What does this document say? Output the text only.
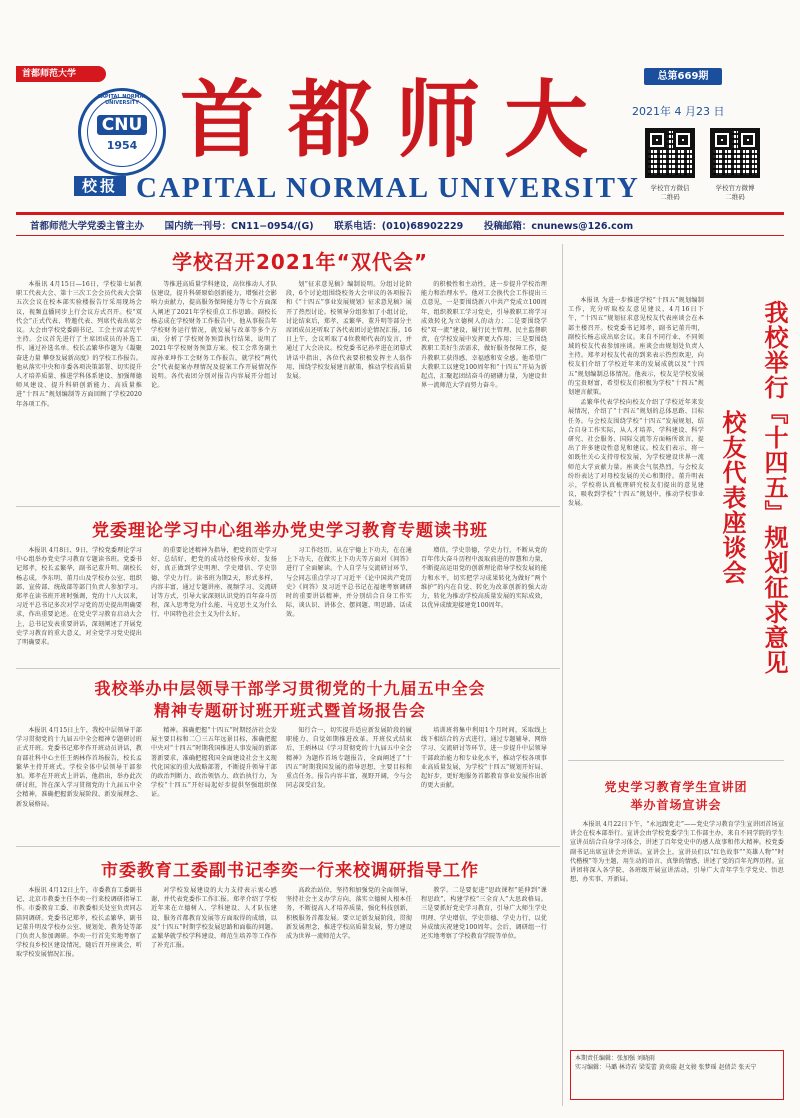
首都师范大学
CAPITAL NORMAL UNIVERSITY
CNU
1954
校报
首都师大	总第669期
2021年 4 月23 日
学校官方微信
二维码
学校官方微博
二维码
CAPITAL NORMAL UNIVERSITY
首都师范大学党委主管主办 国内统一刊号：CN11−0954/(G) 联系电话：(010)68902229 投稿邮箱：cnunews@126.com
学校召开2021年“双代会”

本报讯 4月15日—16日，学校第七届教职工代表大会、第十三次工会会员代表大会第五次会议在校本部实验楼报告厅采用现场会议，视频直播同步上行会议方式召开。校“双代会”正式代表、特邀代表、列席代表出席会议。大会由学校党委副书记、工会主席孟宪平主持。会议首先进行了主席团成员的补选工作，通过补选名单。校长孟繁华作题为《凝聚奋进力量 攀登发展新高度》的学校工作报告。他从落实中央和市委各项决策部署、切实提升人才培养质量、推进学科体系建设、加强师德师风建设、提升科研创新能力、高质量推进“十四五”规划编制等方面回顾了学校2020年各项工作。

等推进高质量学科建设，高位推动人才队伍建设，提升科研原始创新能力，增强社会影响力贡献力，提高服务保障能力等七个方面深入阐述了2021年学校重点工作思路。副校长杨志成在学校财务工作报告中，他从事报告年学校财务运行情况，就发展与改革等多个方面，分析了学校财务预算执行结果，说明了2021年学校财务预算方案。校工会常务副主席孙亚坤作工会财务工作报告，就学校“两代会”代表提案办理情况及提案工作开展情况作说明。各代表团分别对报告内容展开分组讨论。

划”征求意见稿》编制说明。分组讨论阶段，6个讨论组围绕校务大会审议的各项报告和《“十四五”事业发展规划》征求意见稿》展开了热烈讨论。校领导分组参加了小组讨论，讨论结束后，郑孝、孟繁华、董升明等部分主席团成员还听取了各代表团讨论情况汇报。16日上午，会议听取了4位教师代表的发言，并通过了大会决议。校党委书记孙孝进在闭幕式讲话中指出，各位代表要积极发挥主人翁作用，围绕学校发展建言献策，推动学校高质量发展。

的积极性和主动性，进一步提升学校治理能力和治理水平。他对工会换代会工作提出三点意见，一是要围绕新八中共产党成立100周年，组织教职工学习党史，引导教职工将学习成效转化为立德树人的动力；二是要围绕学校“双一流”建设，履行民主管理、民主监督职责，在学校发展中发挥更大作用；三是要围绕教职工美好生活需求，做好服务保障工作，提升教职工获得感、幸福感和安全感。他希望广大教职工以建党100周年和“十四五”开局为新起点，汇聚起团结奋斗的磅礴力量，为建设世界一流师范大学而努力奋斗。

党委理论学习中心组举办党史学习教育专题读书班

本报讯 4月8日、9日，学校党委理论学习中心组举办党史学习教育专题读书班。党委书记郑孝，校长孟繁华，副书记董升明、副校长杨志成，李东明、董月山及学校办公室、组织部、宣传部、统战部等部门负责人参加学习。郑孝在读书班开班时强调，党的十八大以来，习近平总书记多次对学习党的历史提出明确要求，作出重要论述。在党史学习教育启动大会上，总书记发表重要讲话，深刻阐述了开展党史学习教育的重大意义，对全党学习党史提出了明确要求。

的重要论述精神为指导，把党的历史学习好、总结好，把党的成功经验传承好、发扬好，真正做到学史明理、学史增信、学史崇德、学史力行。读书班为期2天，形式多样，内容丰富，通过专题讲座、视频学习、交流研讨等方式，引导大家深刻认识党的百年奋斗历程，深入思考党为什么能、马克思主义为什么行、中国特色社会主义为什么好。

习工作经历，从在宁德上下功夫，在在通上下功夫，在做实上下功夫等方面对《问答》进行了全面解读。个人自学与交流研讨环节，与会同志重点学习了习近平《论中国共产党历史》《问答》及习近平总书记在福建考察调研时的重要讲话精神，并分别结合自身工作实际，谈认识、讲体会、摆问题、明思路、话成效。

增信，学史崇德，学史力行，不断从党的百年伟大奋斗历程中汲取前进的智慧和力量，不断提高运用党的创新理论指导学校发展的能力和水平，切实把学习成果转化为做好“两个维护”的内在自觉、转化为改革创新的强大动力，转化为推动学校高质量发展的实际成效，以优异成绩迎接建党100周年。

我校举办中层领导干部学习贯彻党的十九届五中全会
精神专题研讨班开班式暨首场报告会

本报讯 4月15日上午，我校中层领导干部学习贯彻党的十九届五中全会精神专题研讨班正式开班。党委书记郑孝作开班动员讲话，教育部社科中心主任王炳林作首场报告，校长孟繁华主持开班式。学校全体中层领导干部参加。郑孝在开班式上讲话，他指出，举办此次研讨班，旨在深入学习贯彻党的十九届五中全会精神，准确把握新发展阶段、新发展理念、新发展格局。

精神。准确把握“十四五”时期经济社会发展主要目标和二〇三五年远景目标，准确把握中央对“十四五”时期我国推进人事发展的新部署新要求，准确把握我国全面建设社会主义现代化国家的重大战略部署，不断提升领导干部的政治判断力、政治领悟力、政治执行力，为学校“十四五”开好局起好步提供坚强组织保证。

知行合一，切实提升适应新发展阶段的履职能力、自觉如期推进改革。开班仪式结束后，王炳林以《学习贯彻党的十九届五中全会精神》为题作首场专题报告，全面阐述了“十四五”时期我国发展的指导思想、主要目标和重点任务。报告内容丰富，视野开阔，令与会同志深受启发。

培训班将集中利用1个月时间，采取线上线下相结合的方式进行，通过专题辅导、网络学习、交流研讨等环节，进一步提升中层领导干部政治能力和专业化水平，推动学校各项事业高质量发展，为学校“十四五”规划开好局、起好步，更好地服务首都教育事业发展作出新的更大贡献。

市委教育工委副书记李奕一行来校调研指导工作

本报讯 4月12日上午，市委教育工委副书记、北京市教委主任李奕一行来校调研指导工作。市委教育工委、市教委相关处室负责同志陪同调研。党委书记郑孝，校长孟繁华，副书记董升明及学校办公室、规划处、教务处等部门负责人参加调研。李奕一行首先实地考察了学校良乡校区建设情况，随后召开座谈会，听取学校发展情况汇报。

对学校发展建设的大力支持表示衷心感谢，并代表党委作工作汇报。郑孝介绍了学校近年来在立德树人、学科建设、人才队伍建设、服务首都教育发展等方面取得的成绩，以及“十四五”时期学校发展思路和面临的问题。孟繁华就学校学科建设、师范生培养等工作作了补充汇报。

高政治站位，坚持和加强党的全面领导，坚持社会主义办学方向，落实立德树人根本任务，不断提高人才培养质量，强化科技创新，积极服务首都发展。要立足新发展阶段，贯彻新发展理念，推进学校高质量发展，努力建设成为世界一流师范大学。

教学。二是要促进“思政课程”延伸到“课程思政”，构建学校“三全育人”大思政格局。三是要抓好党史学习教育，引导广大师生学史明理、学史增信、学史崇德、学史力行，以优异成绩庆祝建党100周年。会后，调研组一行还实地考察了学校教育学院等单位。

本报讯 为进一步推进学校“十四五”规划编制工作，充分听取校友意见建议，4月16日下午，“十四五”规划征求意见校友代表座谈会在本部主楼召开。校党委书记郑孝，副书记董升明，副校长杨志成出席会议。来自不同行业、不同领域的校友代表参加座谈。座谈会由规划处负责人主持。郑孝对校友代表的到来表示热烈欢迎，向校友们介绍了学校近年来的发展成就以及“十四五”规划编制总体情况。他表示，校友是学校发展的宝贵财富，希望校友们积极为学校“十四五”规划建言献策。

孟繁华代表学校向校友介绍了学校近年来发展情况，介绍了“十四五”规划的总体思路、目标任务。与会校友围绕学校“十四五”发展规划，结合自身工作实际，从人才培养、学科建设、科学研究、社会服务、国际交流等方面畅所欲言，提出了许多建设性意见和建议。校友们表示，将一如既往关心支持母校发展，为学校建设世界一流师范大学贡献力量。座谈会气氛热烈，与会校友纷纷表达了对母校发展的关心和期待。董升明表示，学校将认真梳理研究校友们提出的意见建议，吸收到学校“十四五”规划中，推动学校事业发展。	我校举行『十四五』规划征求意见
校友代表座谈会
党史学习教育学生宣讲团
举办首场宣讲会

本报讯 4月22日下午，“永远跟党走”——党史学习教育学生宣讲团首场宣讲会在校本部举行。宣讲会由学校党委学生工作部主办，来自不同学院的学生宣讲员结合自身学习体会，讲述了百年党史中的感人故事和伟大精神。校党委副书记出席宣讲会并讲话。宣讲会上，宣讲员们以“红色故事”“英雄人物”“时代楷模”等为主题，用生动的语言、真挚的情感，讲述了党的百年光辉历程。宣讲团将深入各学院、各班级开展宣讲活动，引导广大青年学生学党史、悟思想、办实事、开新局。

本期责任编辑：张加强 刘晓雨
实习编辑：马璐 林诗若 梁雯蕾 黄奕璇 赵文骏 张梦瑶 赵倩芸 张天宁
